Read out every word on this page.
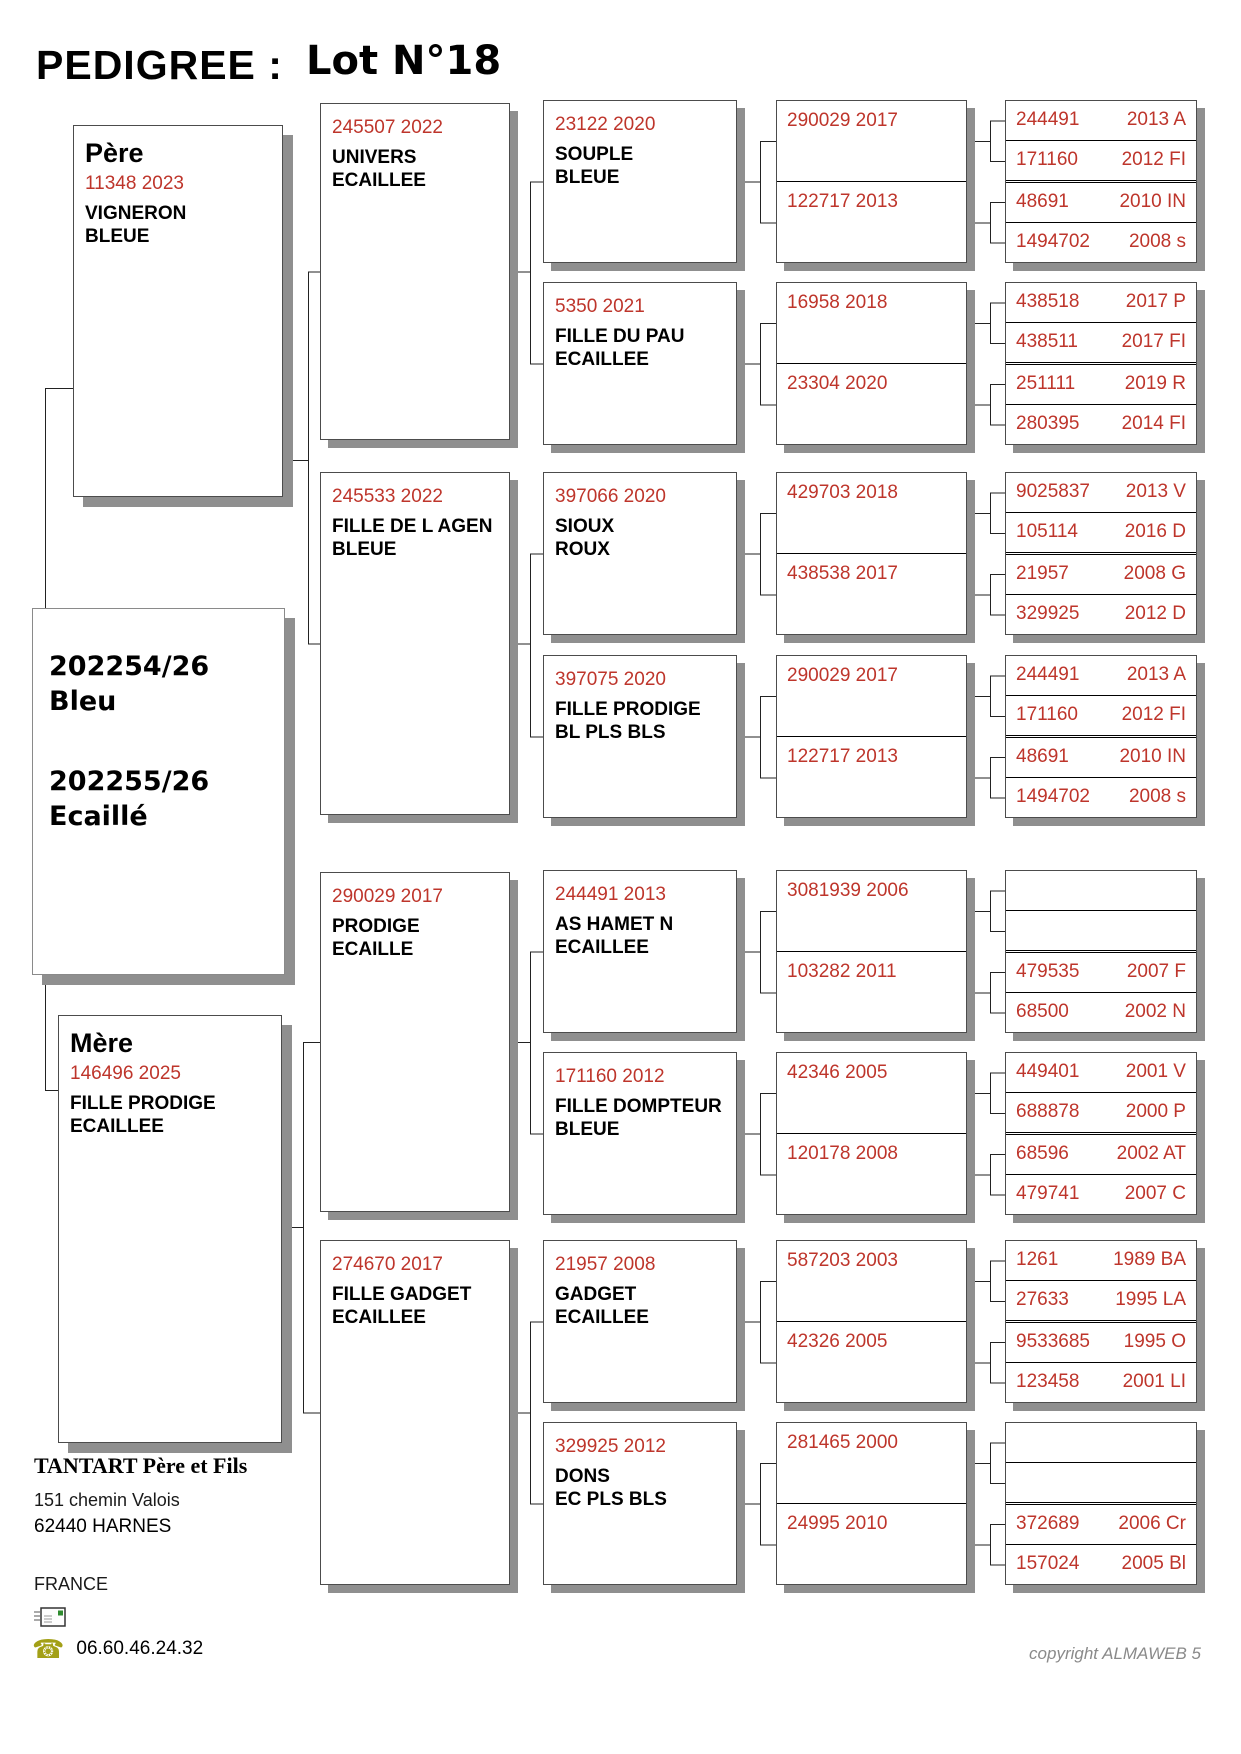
PEDIGREE : Lot N°18
Père
11348 2023
VIGNERON
BLEUE
202254/26
Bleu
202255/26
Ecaillé
Mère
146496 2025
FILLE PRODIGE
ECAILLEE
TANTART Père et Fils
151 chemin Valois
62440 HARNES
FRANCE
☎ 06.60.46.24.32	copyright ALMAWEB 5
245507 2022
UNIVERS
ECAILLEE
245533 2022
FILLE DE L AGEN
BLEUE
290029 2017
PRODIGE
ECAILLE
274670 2017
FILLE GADGET
ECAILLEE
23122 2020
SOUPLE
BLEUE
5350 2021
FILLE DU PAU
ECAILLEE
397066 2020
SIOUX
ROUX
397075 2020
FILLE PRODIGE
BL PLS BLS
244491 2013
AS HAMET N
ECAILLEE
171160 2012
FILLE DOMPTEUR
BLEUE
21957 2008
GADGET
ECAILLEE
329925 2012
DONS
EC PLS BLS
290029 2017
122717 2013
16958 2018
23304 2020
429703 2018
438538 2017
290029 2017
122717 2013
3081939 2006
103282 2011
42346 2005
120178 2008
587203 2003
42326 2005
281465 2000
24995 2010
244491 2013 A
171160 2012 FI
48691	2010 IN
1494702 2008 s
438518 2017 P
438511 2017 FI
251111	2019 R
280395 2014 FI
9025837 2013 V
105114 2016 D
21957	2008 G
329925 2012 D
244491 2013 A
171160 2012 FI
48691	2010 IN
1494702 2008 s
479535 2007 F
68500	2002 N
449401 2001 V
688878 2000 P
68596	2002 AT
479741 2007 C
1261	1989 BA
27633 1995 LA
9533685 1995 O
123458 2001 LI
372689 2006 Cr
157024 2005 Bl
